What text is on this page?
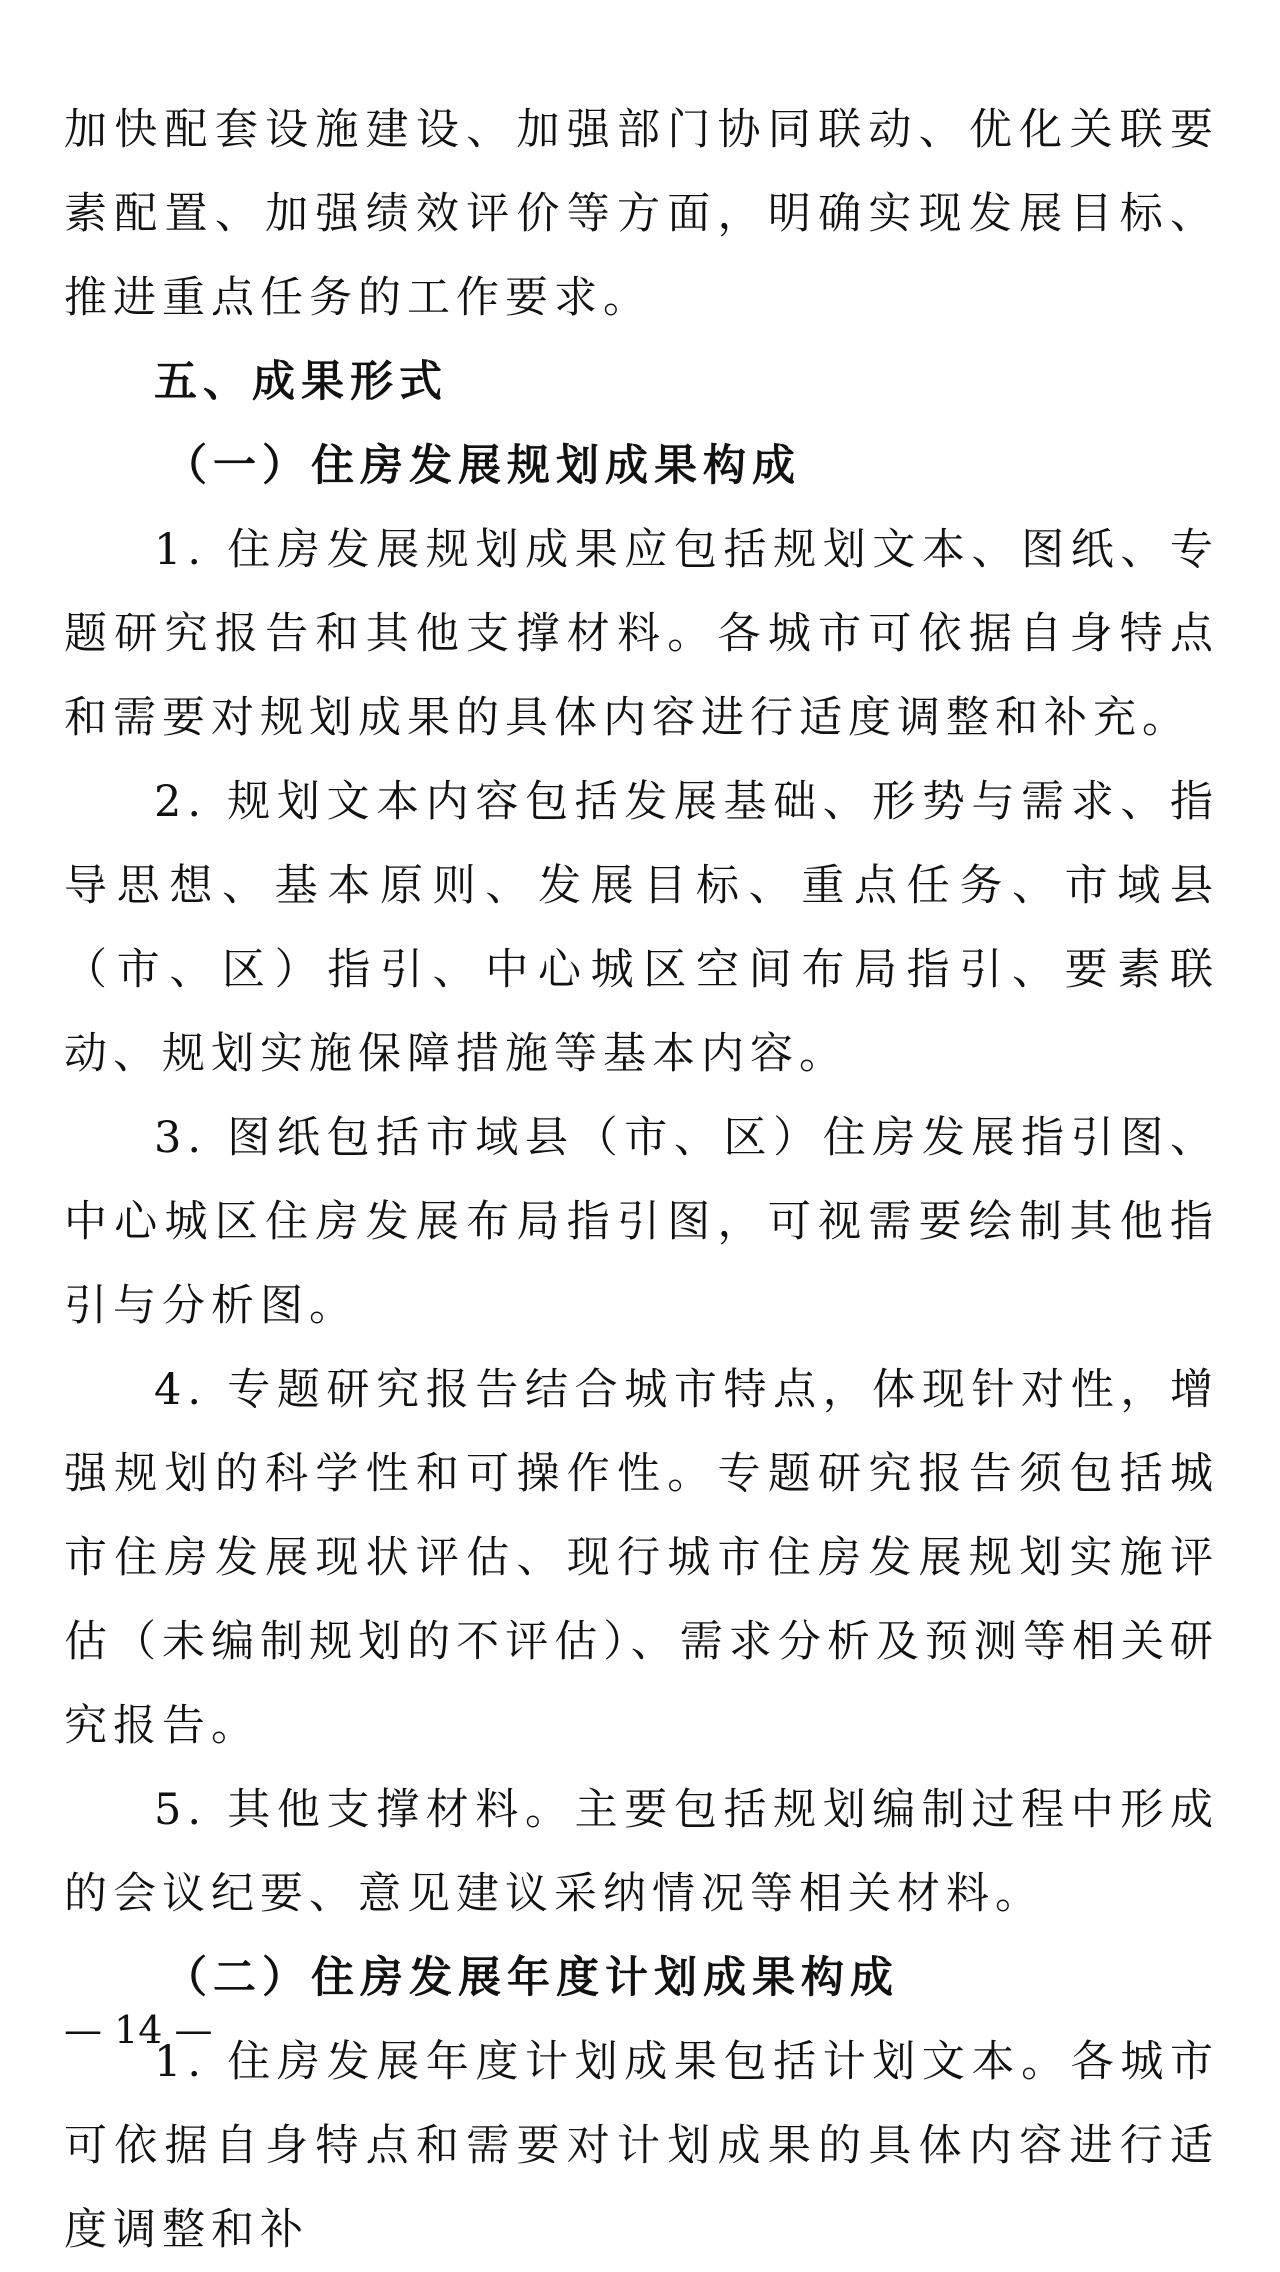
加快配套设施建设、加强部门协同联动、优化关联要素配置、加强绩效评价等方面，明确实现发展目标、推进重点任务的工作要求。

五、成果形式

（一）住房发展规划成果构成

1. 住房发展规划成果应包括规划文本、图纸、专题研究报告和其他支撑材料。各城市可依据自身特点和需要对规划成果的具体内容进行适度调整和补充。

2. 规划文本内容包括发展基础、形势与需求、指导思想、基本原则、发展目标、重点任务、市域县（市、区）指引、中心城区空间布局指引、要素联动、规划实施保障措施等基本内容。

3. 图纸包括市域县（市、区）住房发展指引图、中心城区住房发展布局指引图，可视需要绘制其他指引与分析图。

4. 专题研究报告结合城市特点，体现针对性，增强规划的科学性和可操作性。专题研究报告须包括城市住房发展现状评估、现行城市住房发展规划实施评估（未编制规划的不评估）、需求分析及预测等相关研究报告。

5. 其他支撑材料。主要包括规划编制过程中形成的会议纪要、意见建议采纳情况等相关材料。

（二）住房发展年度计划成果构成

1. 住房发展年度计划成果包括计划文本。各城市可依据自身特点和需要对计划成果的具体内容进行适度调整和补

— 14 —
